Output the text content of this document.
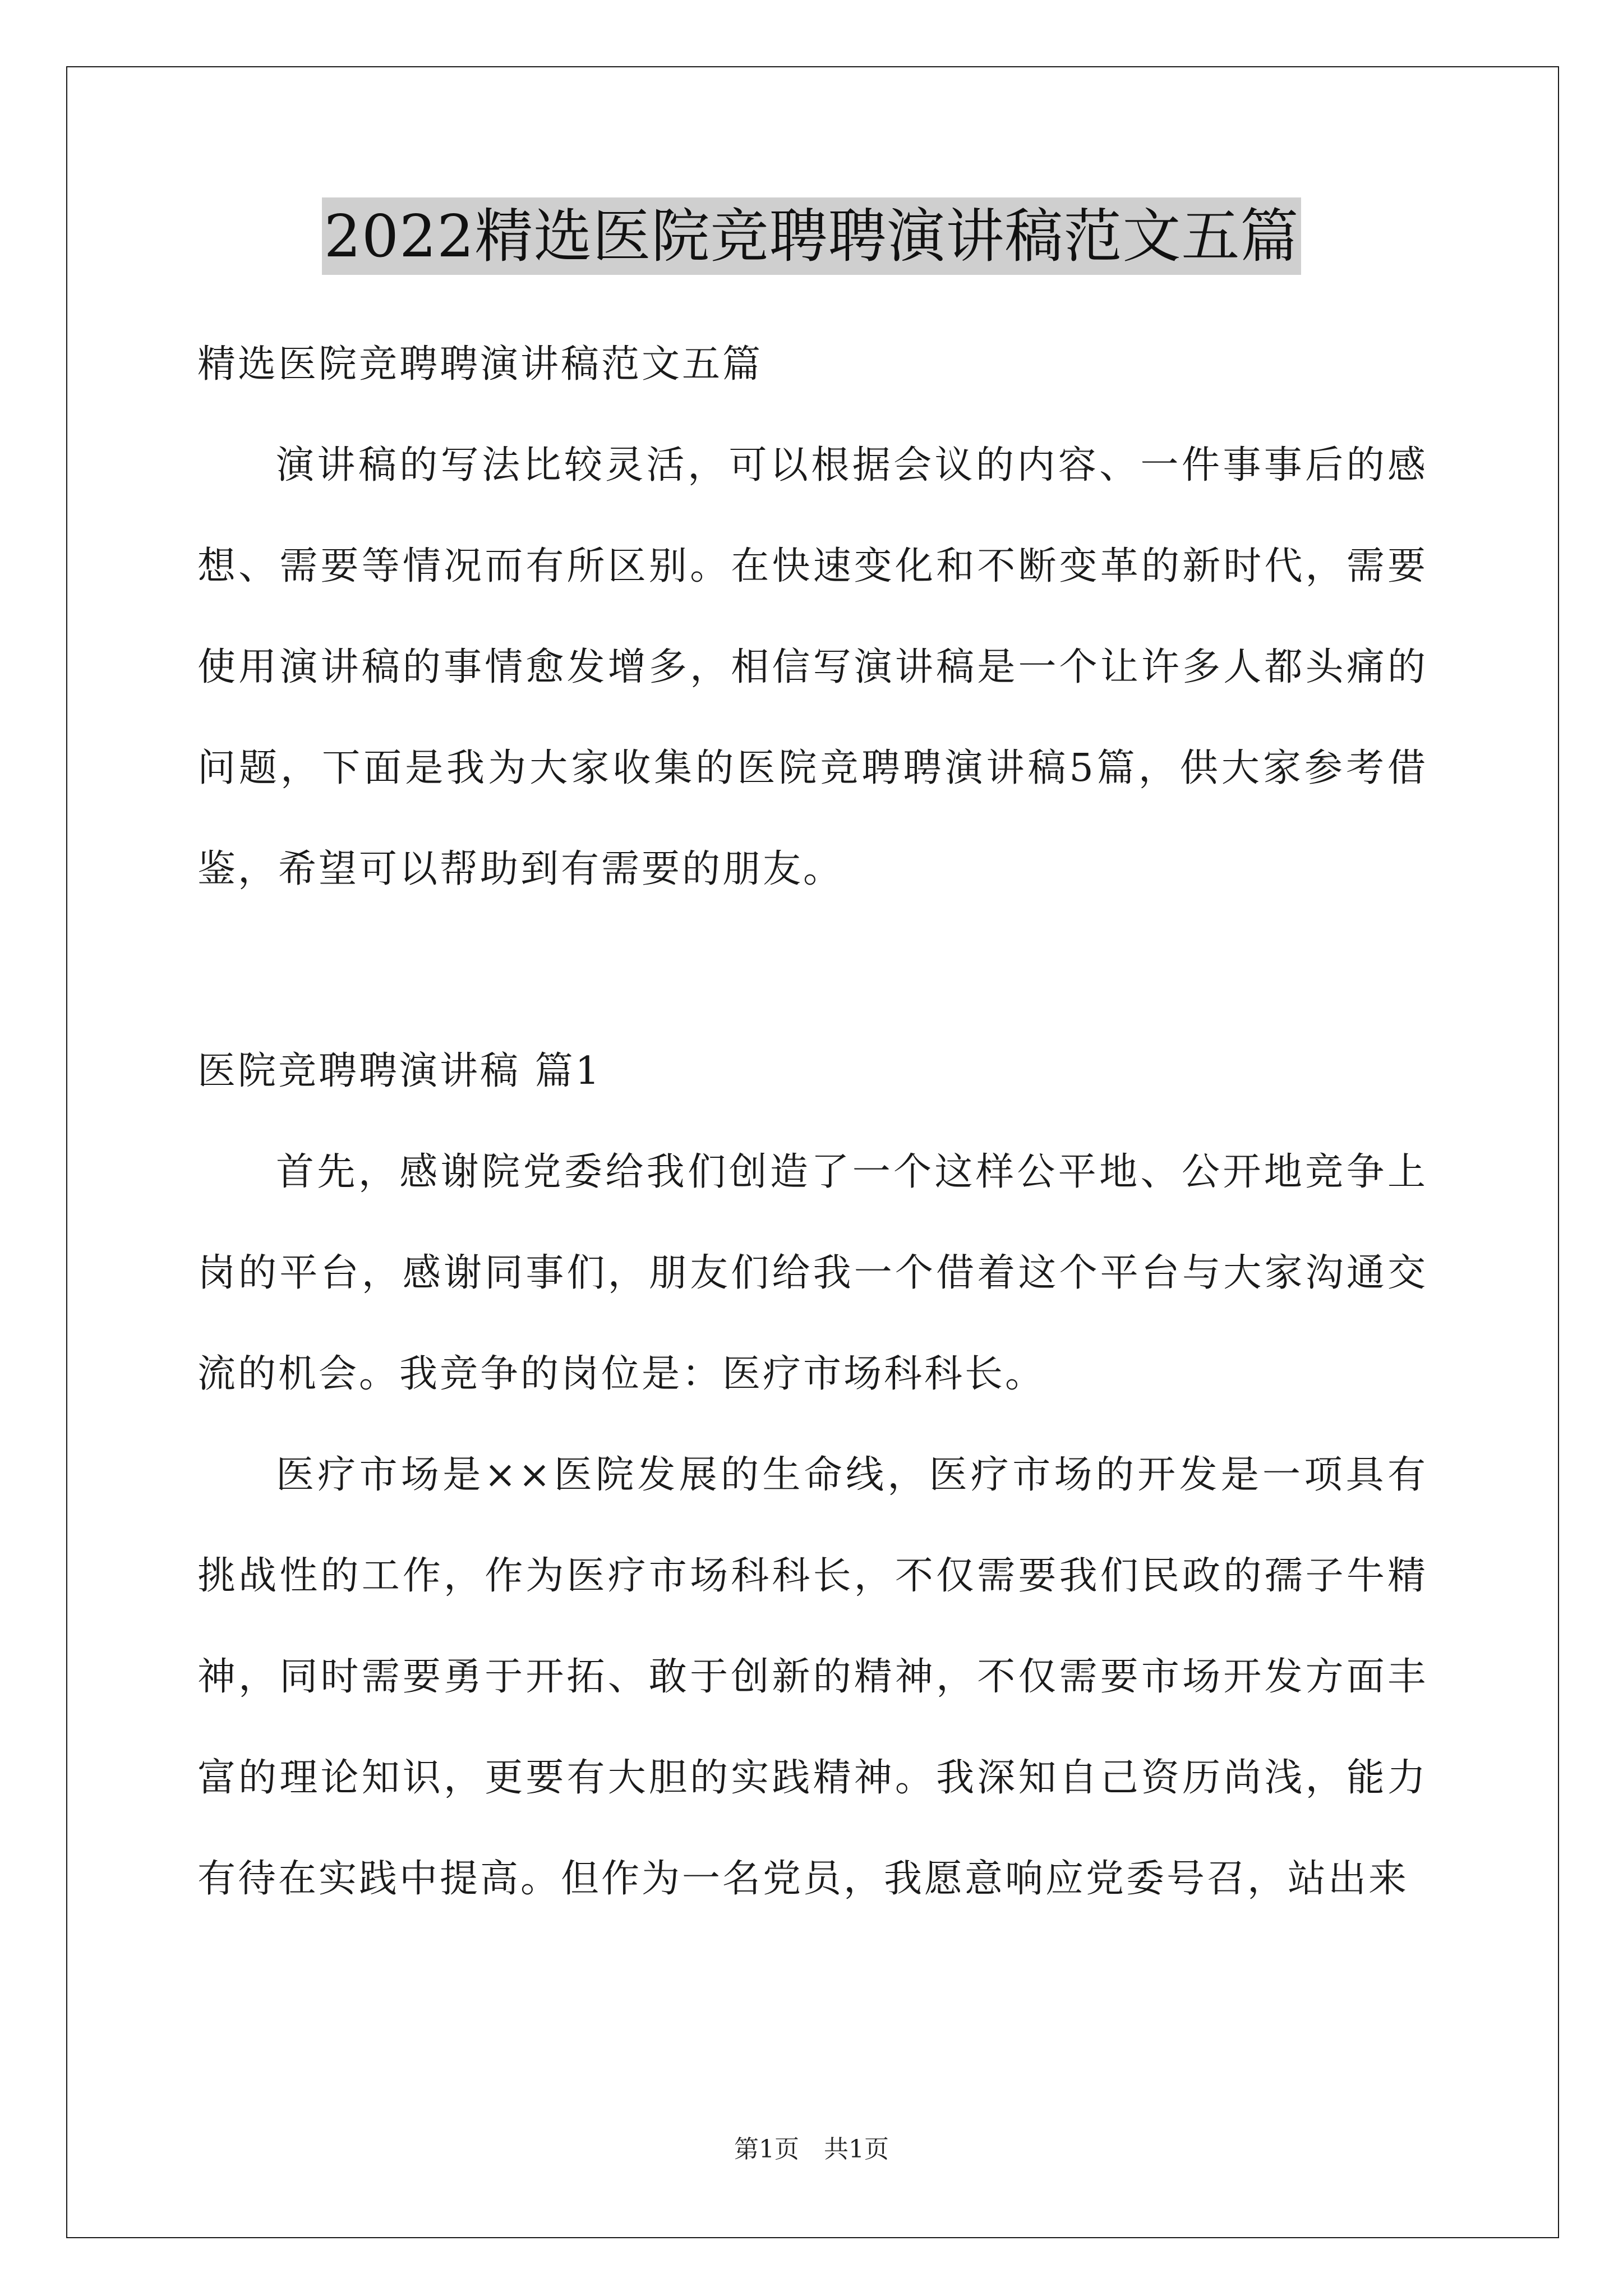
2022精选医院竞聘聘演讲稿范文五篇

精选医院竞聘聘演讲稿范文五篇

演讲稿的写法比较灵活，可以根据会议的内容、一件事事后的感想、需要等情况而有所区别。在快速变化和不断变革的新时代，需要使用演讲稿的事情愈发增多，相信写演讲稿是一个让许多人都头痛的问题，下面是我为大家收集的医院竞聘聘演讲稿5篇，供大家参考借鉴，希望可以帮助到有需要的朋友。

医院竞聘聘演讲稿 篇1

首先，感谢院党委给我们创造了一个这样公平地、公开地竞争上岗的平台，感谢同事们，朋友们给我一个借着这个平台与大家沟通交流的机会。我竞争的岗位是：医疗市场科科长。

医疗市场是××医院发展的生命线，医疗市场的开发是一项具有挑战性的工作，作为医疗市场科科长，不仅需要我们民政的孺子牛精神，同时需要勇于开拓、敢于创新的精神，不仅需要市场开发方面丰富的理论知识，更要有大胆的实践精神。我深知自己资历尚浅，能力有待在实践中提高。但作为一名党员，我愿意响应党委号召，站出来

第1页　共1页
